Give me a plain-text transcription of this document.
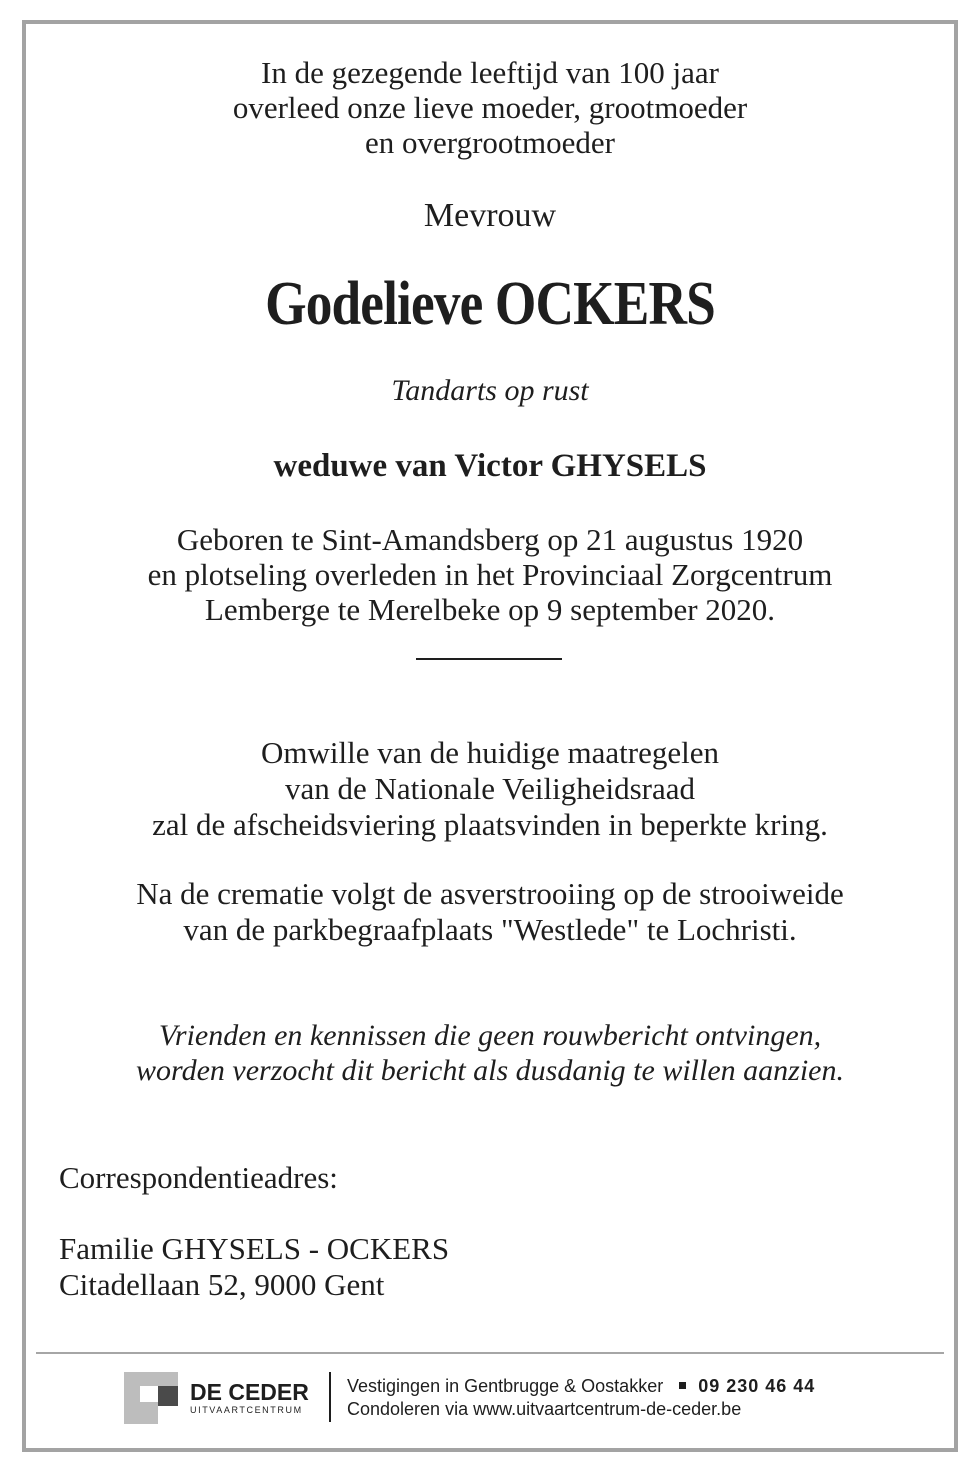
In de gezegende leeftijd van 100 jaar
overleed onze lieve moeder, grootmoeder
en overgrootmoeder
Mevrouw
Godelieve OCKERS
Tandarts op rust
weduwe van Victor GHYSELS
Geboren te Sint-Amandsberg op 21 augustus 1920
en plotseling overleden in het Provinciaal Zorgcentrum
Lemberge te Merelbeke op 9 september 2020.
Omwille van de huidige maatregelen
van de Nationale Veiligheidsraad
zal de afscheidsviering plaatsvinden in beperkte kring.
Na de crematie volgt de asverstrooiing op de strooiweide
van de parkbegraafplaats "Westlede" te Lochristi.
Vrienden en kennissen die geen rouwbericht ontvingen,
worden verzocht dit bericht als dusdanig te willen aanzien.
Correspondentieadres:
Familie GHYSELS - OCKERS
Citadellaan 52, 9000 Gent
DE CEDER
UITVAARTCENTRUM
Vestigingen in Gentbrugge & Oostakker 09 230 46 44
Condoleren via www.uitvaartcentrum-de-ceder.be
